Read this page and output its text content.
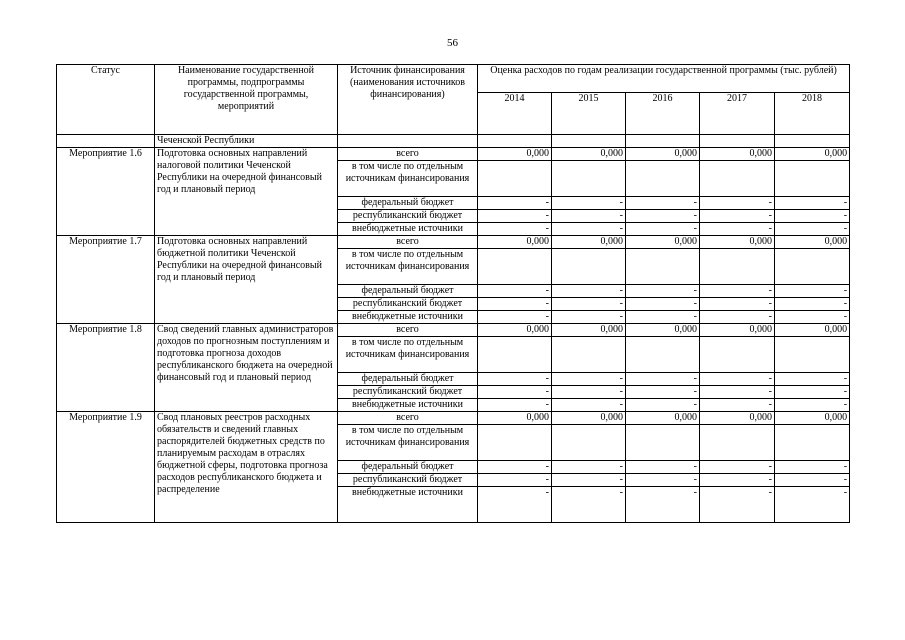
56
Статус	Наименование государственной программы, подпрограммы государственной программы, мероприятий	Источник финансирования (наименования источников финансирования)	Оценка расходов по годам реализации государственной программы (тыс. рублей)				
			2014	2015	2016	2017	2018
	Чеченской Республики						
Мероприятие 1.6	Подготовка основных направлений налоговой политики Чеченской Республики на очередной финансовый год и плановый период	всего	0,000	0,000	0,000	0,000	0,000
		в том числе по отдельным источникам финансирования					
		федеральный бюджет	-	-	-	-	-
		республиканский бюджет	-	-	-	-	-
		внебюджетные источники	-	-	-	-	-
Мероприятие 1.7	Подготовка основных направлений бюджетной политики Чеченской Республики на очередной финансовый год и плановый период	всего	0,000	0,000	0,000	0,000	0,000
		в том числе по отдельным источникам финансирования					
		федеральный бюджет	-	-	-	-	-
		республиканский бюджет	-	-	-	-	-
		внебюджетные источники	-	-	-	-	-
Мероприятие 1.8	Свод сведений главных администраторов доходов по прогнозным поступлениям и подготовка прогноза доходов республиканского бюджета на очередной финансовый год и плановый период	всего	0,000	0,000	0,000	0,000	0,000
		в том числе по отдельным источникам финансирования					
		федеральный бюджет	-	-	-	-	-
		республиканский бюджет	-	-	-	-	-
		внебюджетные источники	-	-	-	-	-
Мероприятие 1.9	Свод плановых реестров расходных обязательств и сведений главных распорядителей бюджетных средств по планируемым расходам в отраслях бюджетной сферы, подготовка прогноза расходов республиканского бюджета и распределение	всего	0,000	0,000	0,000	0,000	0,000
		в том числе по отдельным источникам финансирования					
		федеральный бюджет	-	-	-	-	-
		республиканский бюджет	-	-	-	-	-
		внебюджетные источники	-	-	-	-	-
